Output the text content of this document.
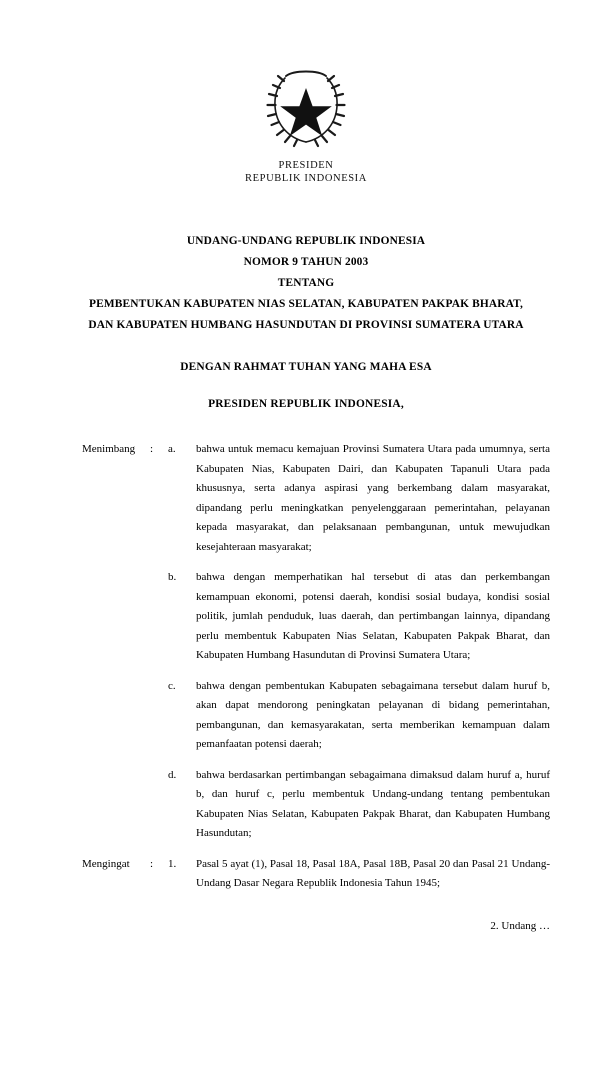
PRESIDEN
REPUBLIK INDONESIA
UNDANG-UNDANG REPUBLIK INDONESIA
NOMOR 9 TAHUN 2003
TENTANG
PEMBENTUKAN KABUPATEN NIAS SELATAN, KABUPATEN PAKPAK BHARAT,
DAN KABUPATEN HUMBANG HASUNDUTAN DI PROVINSI SUMATERA UTARA
DENGAN RAHMAT TUHAN YANG MAHA ESA
PRESIDEN REPUBLIK INDONESIA,
Menimbang :	a.	bahwa untuk memacu kemajuan Provinsi Sumatera Utara pada umumnya, serta Kabupaten Nias, Kabupaten Dairi, dan Kabupaten Tapanuli Utara pada khususnya, serta adanya aspirasi yang berkembang dalam masyarakat, dipandang perlu meningkatkan penyelenggaraan pemerintahan, pelayanan kepada masyarakat, dan pelaksanaan pembangunan, untuk mewujudkan kesejahteraan masyarakat;
b.	bahwa dengan memperhatikan hal tersebut di atas dan perkembangan kemampuan ekonomi, potensi daerah, kondisi sosial budaya, kondisi sosial politik, jumlah penduduk, luas daerah, dan pertimbangan lainnya, dipandang perlu membentuk Kabupaten Nias Selatan, Kabupaten Pakpak Bharat, dan Kabupaten Humbang Hasundutan di Provinsi Sumatera Utara;
c.	bahwa dengan pembentukan Kabupaten sebagaimana tersebut dalam huruf b, akan dapat mendorong peningkatan pelayanan di bidang pemerintahan, pembangunan, dan kemasyarakatan, serta memberikan kemampuan dalam pemanfaatan potensi daerah;
d.	bahwa berdasarkan pertimbangan sebagaimana dimaksud dalam huruf a, huruf b, dan huruf c, perlu membentuk Undang-undang tentang pembentukan Kabupaten Nias Selatan, Kabupaten Pakpak Bharat, dan Kabupaten Humbang Hasundutan;
Mengingat :	1.	Pasal 5 ayat (1), Pasal 18, Pasal 18A, Pasal 18B, Pasal 20 dan Pasal 21 Undang-Undang Dasar Negara Republik Indonesia Tahun 1945;
2. Undang …
